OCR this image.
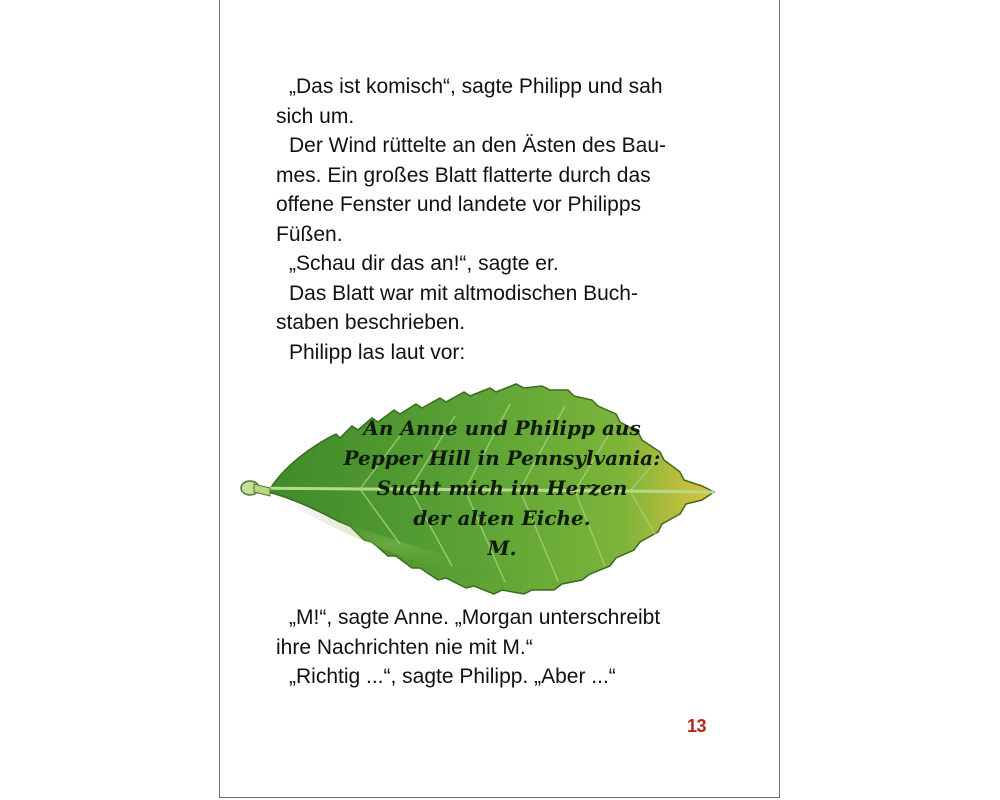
„Das ist komisch“, sagte Philipp und sah
sich um.

Der Wind rüttelte an den Ästen des Bau-
mes. Ein großes Blatt flatterte durch das
offene Fenster und landete vor Philipps
Füßen.

„Schau dir das an!“, sagte er.

Das Blatt war mit altmodischen Buch-
staben beschrieben.

Philipp las laut vor:

An Anne und Philipp aus
Pepper Hill in Pennsylvania:
Sucht mich im Herzen
der alten Eiche.
M.

„M!“, sagte Anne. „Morgan unterschreibt
ihre Nachrichten nie mit M.“

„Richtig ...“, sagte Philipp. „Aber ...“

13
